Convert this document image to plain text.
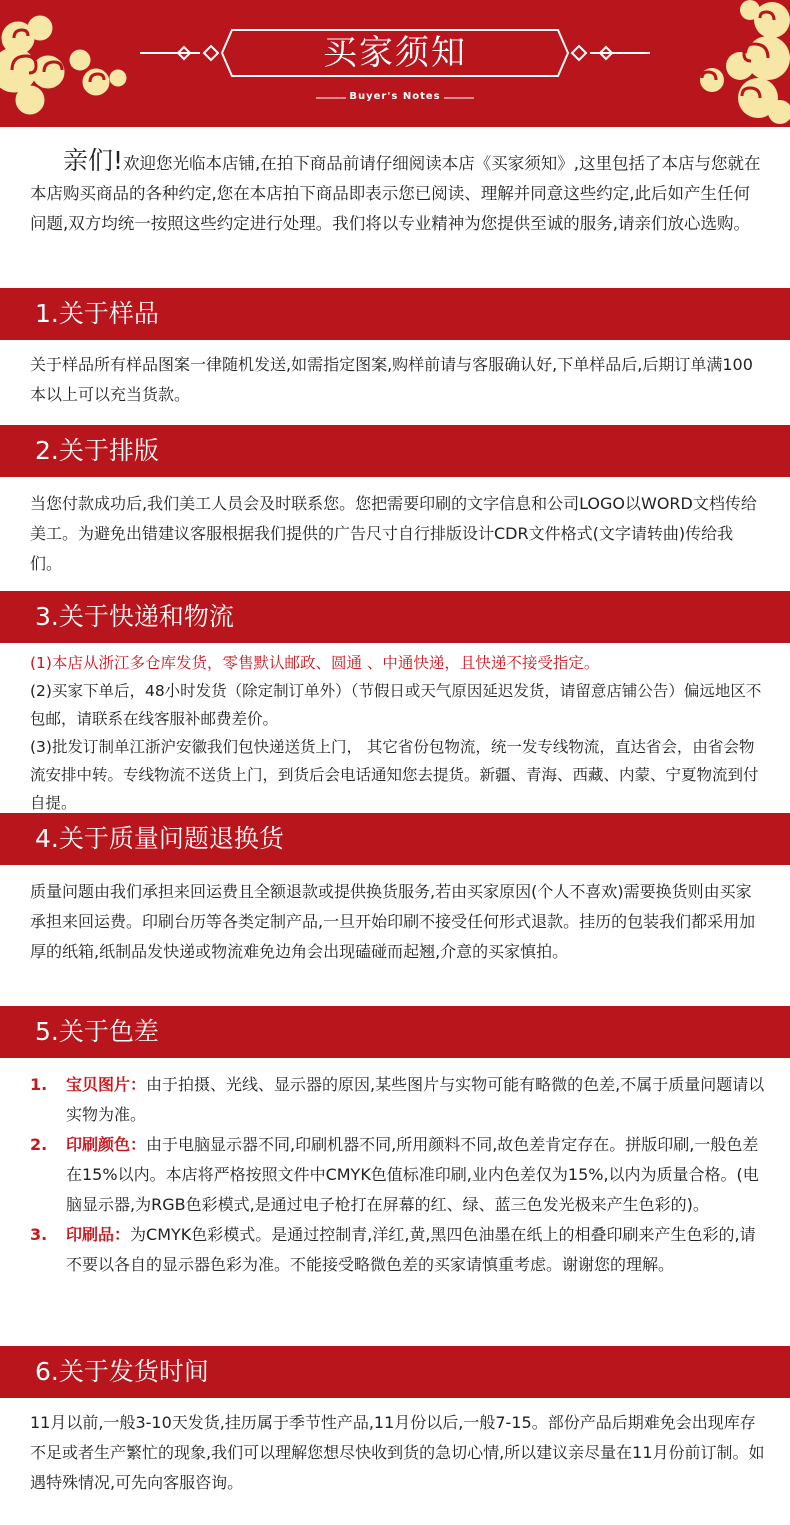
买家须知
Buyer's Notes
亲们!欢迎您光临本店铺,在拍下商品前请仔细阅读本店《买家须知》,这里包括了本店与您就在本店购买商品的各种约定,您在本店拍下商品即表示您已阅读、理解并同意这些约定,此后如产生任何问题,双方均统一按照这些约定进行处理。我们将以专业精神为您提供至诚的服务,请亲们放心选购。
1.关于样品
关于样品所有样品图案一律随机发送,如需指定图案,购样前请与客服确认好,下单样品后,后期订单满100本以上可以充当货款。
2.关于排版
当您付款成功后,我们美工人员会及时联系您。您把需要印刷的文字信息和公司LOGO以WORD文档传给美工。为避免出错建议客服根据我们提供的广告尺寸自行排版设计CDR文件格式(文字请转曲)传给我们。
3.关于快递和物流

(1)本店从浙江多仓库发货，零售默认邮政、圆通 、中通快递，且快递不接受指定。

(2)买家下单后，48小时发货（除定制订单外）（节假日或天气原因延迟发货，请留意店铺公告）偏远地区不包邮，请联系在线客服补邮费差价。

(3)批发订制单江浙沪安徽我们包快递送货上门， 其它省份包物流，统一发专线物流，直达省会，由省会物流安排中转。专线物流不送货上门，到货后会电话通知您去提货。新疆、青海、西藏、内蒙、宁夏物流到付自提。

4.关于质量问题退换货
质量问题由我们承担来回运费且全额退款或提供换货服务,若由买家原因(个人不喜欢)需要换货则由买家承担来回运费。印刷台历等各类定制产品,一旦开始印刷不接受任何形式退款。挂历的包装我们都采用加厚的纸箱,纸制品发快递或物流难免边角会出现磕碰而起翘,介意的买家慎拍。
5.关于色差
1. 宝贝图片：由于拍摄、光线、显示器的原因,某些图片与实物可能有略微的色差,不属于质量问题请以实物为准。
2. 印刷颜色：由于电脑显示器不同,印刷机器不同,所用颜料不同,故色差肯定存在。拼版印刷,一般色差在15%以内。本店将严格按照文件中CMYK色值标准印刷,业内色差仅为15%,以内为质量合格。(电脑显示器,为RGB色彩模式,是通过电子枪打在屏幕的红、绿、蓝三色发光极来产生色彩的)。
3. 印刷品：为CMYK色彩模式。是通过控制青,洋红,黄,黑四色油墨在纸上的相叠印刷来产生色彩的,请不要以各自的显示器色彩为准。不能接受略微色差的买家请慎重考虑。谢谢您的理解。
6.关于发货时间
11月以前,一般3-10天发货,挂历属于季节性产品,11月份以后,一般7-15。部份产品后期难免会出现库存不足或者生产繁忙的现象,我们可以理解您想尽快收到货的急切心情,所以建议亲尽量在11月份前订制。如遇特殊情况,可先向客服咨询。
